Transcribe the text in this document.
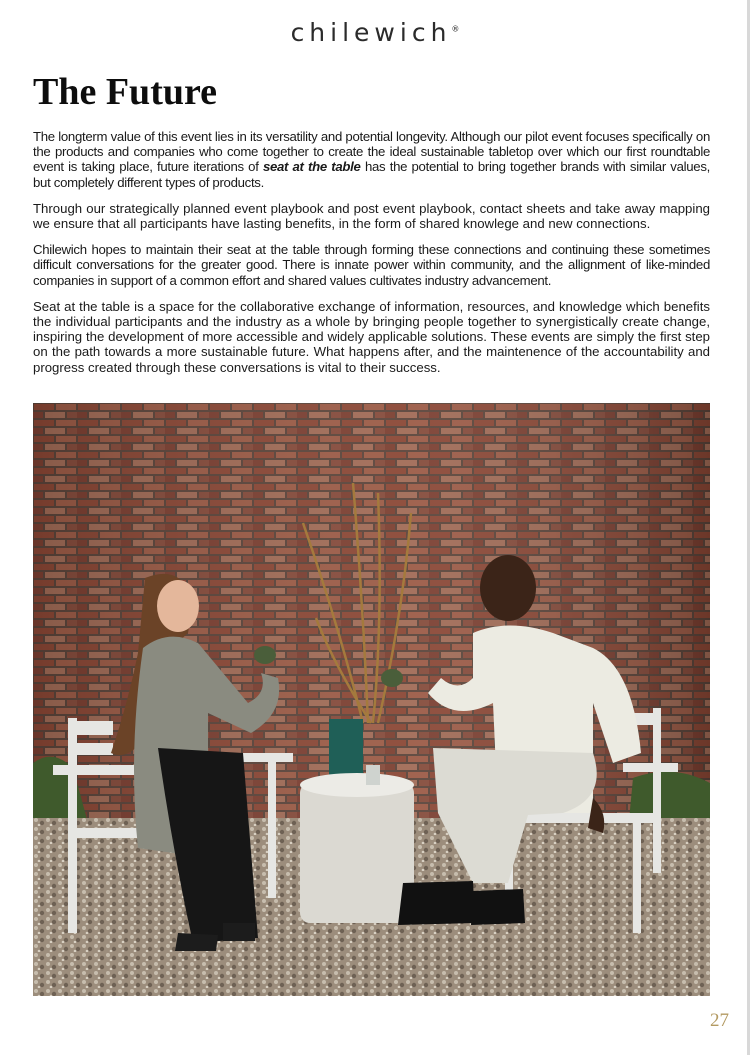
chilewich®
The Future

The longterm value of this event lies in its versatility and potential longevity. Although our pilot event focuses specifically on the products and companies who come together to create the ideal sustainable tabletop over which our first roundtable event is taking place, future iterations of seat at the table has the potential to bring together brands with similar values, but completely different types of products.

Through our strategically planned event playbook and post event playbook, contact sheets and take away mapping we ensure that all participants have lasting benefits, in the form of shared knowlege and new connections.

Chilewich hopes to maintain their seat at the table through forming these connections and continuing these sometimes difficult conversations for the greater good. There is innate power within community, and the allignment of like-minded companies in support of a common effort and shared values cultivates industry advancement.

Seat at the table is a space for the collaborative exchange of information, resources, and knowledge which benefits the individual participants and the industry as a whole by bringing people together to synergistically create change, inspiring the development of more accessible and widely applicable solutions. These events are simply the first step on the path towards a more sustainable future. What happens after, and the maintenence of the accountability and progress created through these conversations is vital to their success.

27
